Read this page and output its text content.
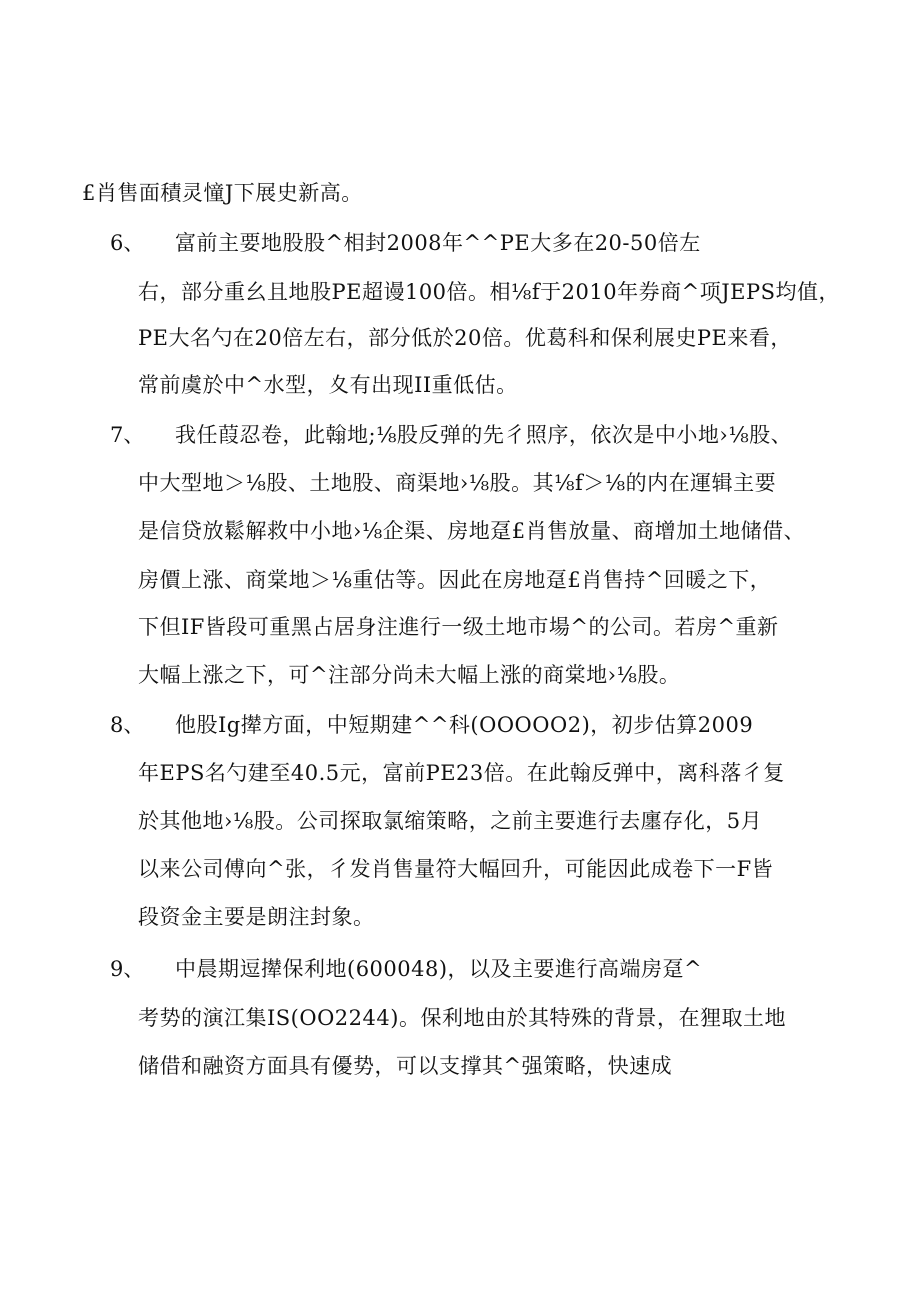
£肖售面積灵憧J下展史新高。
6、 富前主要地股股^相封2008年^^PE大多在20-50倍左
右，部分重幺且地股PE超谩100倍。相⅛f于2010年券商^项JEPS均值，
PE大名勺在20倍左右，部分低於20倍。优葛科和保利展史PE来看，
常前虞於中^水型，夊有出现II重低估。
7、 我任葭忍卷，此翰地;⅛股反弹的先彳照序，依次是中小地›⅛股、
中大型地＞⅛股、土地股、商渠地›⅛股。其⅛f＞⅛的内在運辑主要
是信贷放鬆解救中小地›⅛企渠、房地趸£肖售放量、商增加土地储借、
房價上涨、商棠地＞⅛重估等。因此在房地趸£肖售持^回暖之下，
下但IF皆段可重黑占居身注進行一级土地市場^的公司。若房^重新
大幅上涨之下，可^注部分尚未大幅上涨的商棠地›⅛股。
8、 他股Ig撵方面，中短期建^^科(OOOOO2)，初步估算2009
年EPS名勺建至40.5元，富前PE23倍。在此翰反弹中，离科落彳复
於其他地›⅛股。公司探取氯缩策略，之前主要進行去廛存化，5月
以来公司傅向^张，彳发肖售量符大幅回升，可能因此成卷下一F皆
段资金主要是朗注封象。
9、 中晨期逗撵保利地(600048)，以及主要進行高端房趸^
考势的演江集IS(OO2244)。保利地由於其特殊的背景，在狸取土地
储借和融资方面具有優势，可以支撑其^强策略，快速成
